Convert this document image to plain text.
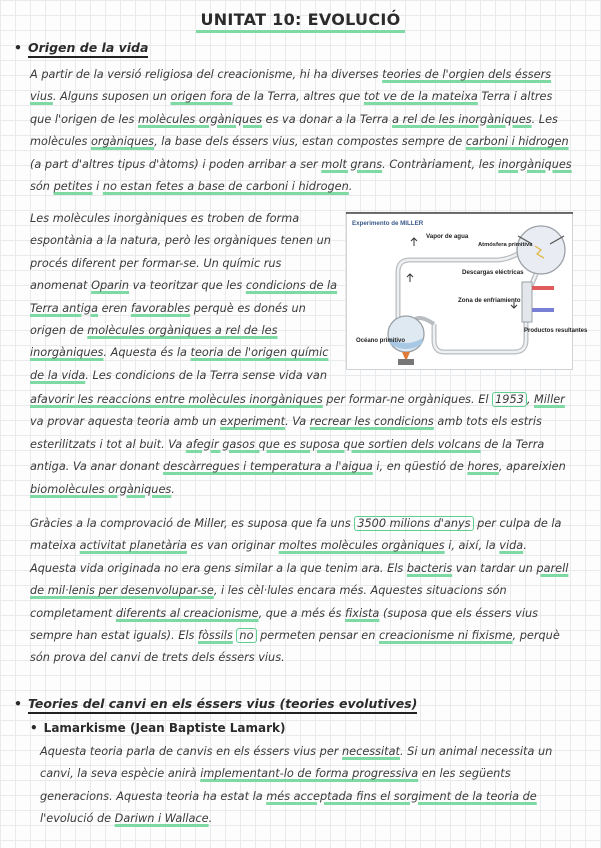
UNITAT 10: EVOLUCIÓ
• Origen de la vida
A partir de la versió religiosa del creacionisme, hi ha diverses teories de l'orgien dels éssers vius. Alguns suposen un origen fora de la Terra, altres que tot ve de la mateixa Terra i altres que l'origen de les molècules orgàniques es va donar a la Terra a rel de les inorgàniques. Les molècules orgàniques, la base dels éssers vius, estan compostes sempre de carboni i hidrogen (a part d'altres tipus d'àtoms) i poden arribar a ser molt grans. Contràriament, les inorgàniques són petites i no estan fetes a base de carboni i hidrogen.
Les molècules inorgàniques es troben de forma espontània a la natura, però les orgàniques tenen un procés diferent per formar-se. Un químic rus anomenat Oparin va teoritzar que les condicions de la Terra antiga eren favorables perquè es donés un origen de molècules orgàniques a rel de les inorgàniques. Aquesta és la teoria de l'origen químic de la vida. Les condicions de la Terra sense vida van
afavorir les reaccions entre molècules inorgàniques per formar-ne orgàniques. El 1953 , Miller va provar aquesta teoria amb un experiment. Va recrear les condicions amb tots els estris esterilitzats i tot al buit. Va afegir gasos que es suposa que sortien dels volcans de la Terra antiga. Va anar donant descàrregues i temperatura a l'aigua i, en qüestió de hores, apareixien biomolècules orgàniques.
Gràcies a la comprovació de Miller, es suposa que fa uns 3500 milions d'anys per culpa de la mateixa activitat planetària es van originar moltes molècules orgàniques i, així, la vida. Aquesta vida originada no era gens similar a la que tenim ara. Els bacteris van tardar un parell de mil·lenis per desenvolupar-se, i les cèl·lules encara més. Aquestes situacions són completament diferents al creacionisme, que a més és fixista (suposa que els éssers vius sempre han estat iguals). Els fòssils no permeten pensar en creacionisme ni fixisme, perquè són prova del canvi de trets dels éssers vius.
Experimento de MILLER
Vapor de agua
Atmósfera primitiva
Descargas eléctricas
Zona de enfriamiento
Océano primitivo
Productos resultantes
• Teories del canvi en els éssers vius (teories evolutives)
• Lamarkisme (Jean Baptiste Lamark)
Aquesta teoria parla de canvis en els éssers vius per necessitat. Si un animal necessita un canvi, la seva espècie anirà implementant-lo de forma progressiva en les següents generacions. Aquesta teoria ha estat la més acceptada fins el sorgiment de la teoria de l'evolució de Dariwn i Wallace.
